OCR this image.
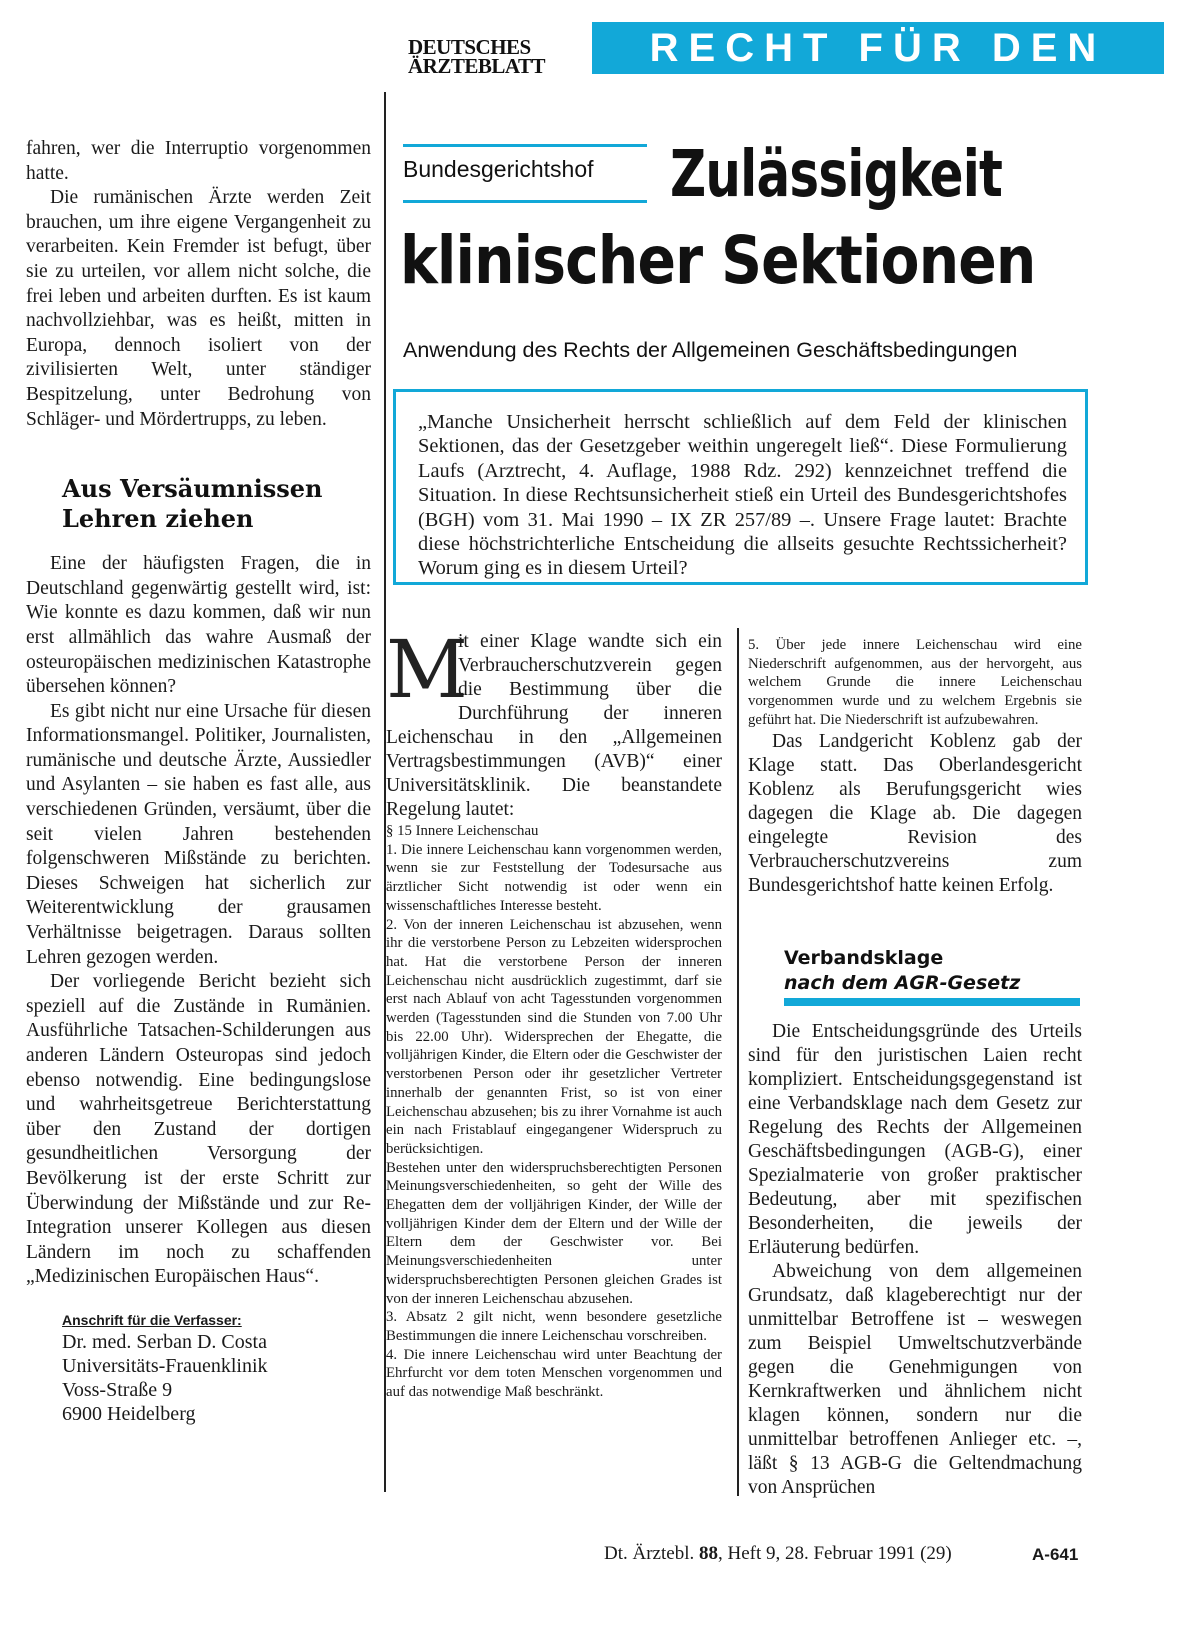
DEUTSCHES
ÄRZTEBLATT	RECHT FÜR DEN ARZT

fahren, wer die Interruptio vorgenommen hatte.

Die rumänischen Ärzte werden Zeit brauchen, um ihre eigene Vergangenheit zu verarbeiten. Kein Fremder ist befugt, über sie zu urteilen, vor allem nicht solche, die frei leben und arbeiten durften. Es ist kaum nachvollziehbar, was es heißt, mitten in Europa, dennoch isoliert von der zivilisierten Welt, unter ständiger Bespitzelung, unter Bedrohung von Schläger- und Mördertrupps, zu leben.

Aus Versäumnissen
Lehren ziehen

Eine der häufigsten Fragen, die in Deutschland gegenwärtig gestellt wird, ist: Wie konnte es dazu kommen, daß wir nun erst allmählich das wahre Ausmaß der osteuropäischen medizinischen Katastrophe übersehen können?

Es gibt nicht nur eine Ursache für diesen Informationsmangel. Politiker, Journalisten, rumänische und deutsche Ärzte, Aussiedler und Asylanten – sie haben es fast alle, aus verschiedenen Gründen, versäumt, über die seit vielen Jahren bestehenden folgenschweren Mißstände zu berichten. Dieses Schweigen hat sicherlich zur Weiterentwicklung der grausamen Verhältnisse beigetragen. Daraus sollten Lehren gezogen werden.

Der vorliegende Bericht bezieht sich speziell auf die Zustände in Rumänien. Ausführliche Tatsachen-Schilderungen aus anderen Ländern Osteuropas sind jedoch ebenso notwendig. Eine bedingungslose und wahrheitsgetreue Berichterstattung über den Zustand der dortigen gesundheitlichen Versorgung der Bevölkerung ist der erste Schritt zur Überwindung der Mißstände und zur Re-Integration unserer Kollegen aus diesen Ländern im noch zu schaffenden „Medizinischen Europäischen Haus“.

Anschrift für die Verfasser:
Dr. med. Serban D. Costa
Universitäts-Frauenklinik
Voss-Straße 9
6900 Heidelberg
Bundesgerichtshof Zulässigkeit
klinischer Sektionen
Anwendung des Rechts der Allgemeinen Geschäftsbedingungen

„Manche Unsicherheit herrscht schließlich auf dem Feld der klinischen Sektionen, das der Gesetzgeber weithin ungeregelt ließ“. Diese Formulierung Laufs (Arztrecht, 4. Auflage, 1988 Rdz. 292) kennzeichnet treffend die Situation. In diese Rechtsunsicherheit stieß ein Urteil des Bundesgerichtshofes (BGH) vom 31. Mai 1990 – IX ZR 257/89 –. Unsere Frage lautet: Brachte diese höchstrichterliche Entscheidung die allseits gesuchte Rechtssicherheit? Worum ging es in diesem Urteil?

M

it einer Klage wandte sich ein Verbraucherschutzverein gegen die Bestimmung über die Durchführung der inneren Leichenschau in den „Allgemeinen Vertragsbestimmungen (AVB)“ einer Universitätsklinik. Die beanstandete Regelung lautet:

§ 15 Innere Leichenschau

1. Die innere Leichenschau kann vorgenommen werden, wenn sie zur Feststellung der Todesursache aus ärztlicher Sicht notwendig ist oder wenn ein wissenschaftliches Interesse besteht.

2. Von der inneren Leichenschau ist abzusehen, wenn ihr die verstorbene Person zu Lebzeiten widersprochen hat. Hat die verstorbene Person der inneren Leichenschau nicht ausdrücklich zugestimmt, darf sie erst nach Ablauf von acht Tagesstunden vorgenommen werden (Tagesstunden sind die Stunden von 7.00 Uhr bis 22.00 Uhr). Widersprechen der Ehegatte, die volljährigen Kinder, die Eltern oder die Geschwister der verstorbenen Person oder ihr gesetzlicher Vertreter innerhalb der genannten Frist, so ist von einer Leichenschau abzusehen; bis zu ihrer Vornahme ist auch ein nach Fristablauf eingegangener Widerspruch zu berücksichtigen.

Bestehen unter den widerspruchsberechtigten Personen Meinungsverschiedenheiten, so geht der Wille des Ehegatten dem der volljährigen Kinder, der Wille der volljährigen Kinder dem der Eltern und der Wille der Eltern dem der Geschwister vor. Bei Meinungsverschiedenheiten unter widerspruchsberechtigten Personen gleichen Grades ist von der inneren Leichenschau abzusehen.

3. Absatz 2 gilt nicht, wenn besondere gesetzliche Bestimmungen die innere Leichenschau vorschreiben.

4. Die innere Leichenschau wird unter Beachtung der Ehrfurcht vor dem toten Menschen vorgenommen und auf das notwendige Maß beschränkt.

5. Über jede innere Leichenschau wird eine Niederschrift aufgenommen, aus der hervorgeht, aus welchem Grunde die innere Leichenschau vorgenommen wurde und zu welchem Ergebnis sie geführt hat. Die Niederschrift ist aufzubewahren.

Das Landgericht Koblenz gab der Klage statt. Das Oberlandesgericht Koblenz als Berufungsgericht wies dagegen die Klage ab. Die dagegen eingelegte Revision des Verbraucherschutzvereins zum Bundesgerichtshof hatte keinen Erfolg.

Verbandsklage
nach dem AGR-Gesetz

Die Entscheidungsgründe des Urteils sind für den juristischen Laien recht kompliziert. Entscheidungsgegenstand ist eine Verbandsklage nach dem Gesetz zur Regelung des Rechts der Allgemeinen Geschäftsbedingungen (AGB-G), einer Spezialmaterie von großer praktischer Bedeutung, aber mit spezifischen Besonderheiten, die jeweils der Erläuterung bedürfen.

Abweichung von dem allgemeinen Grundsatz, daß klageberechtigt nur der unmittelbar Betroffene ist – weswegen zum Beispiel Umweltschutzverbände gegen die Genehmigungen von Kernkraftwerken und ähnlichem nicht klagen können, sondern nur die unmittelbar betroffenen Anlieger etc. –, läßt § 13 AGB-G die Geltendmachung von Ansprüchen

Dt. Ärztebl. 88, Heft 9, 28. Februar 1991 (29)	A-641
